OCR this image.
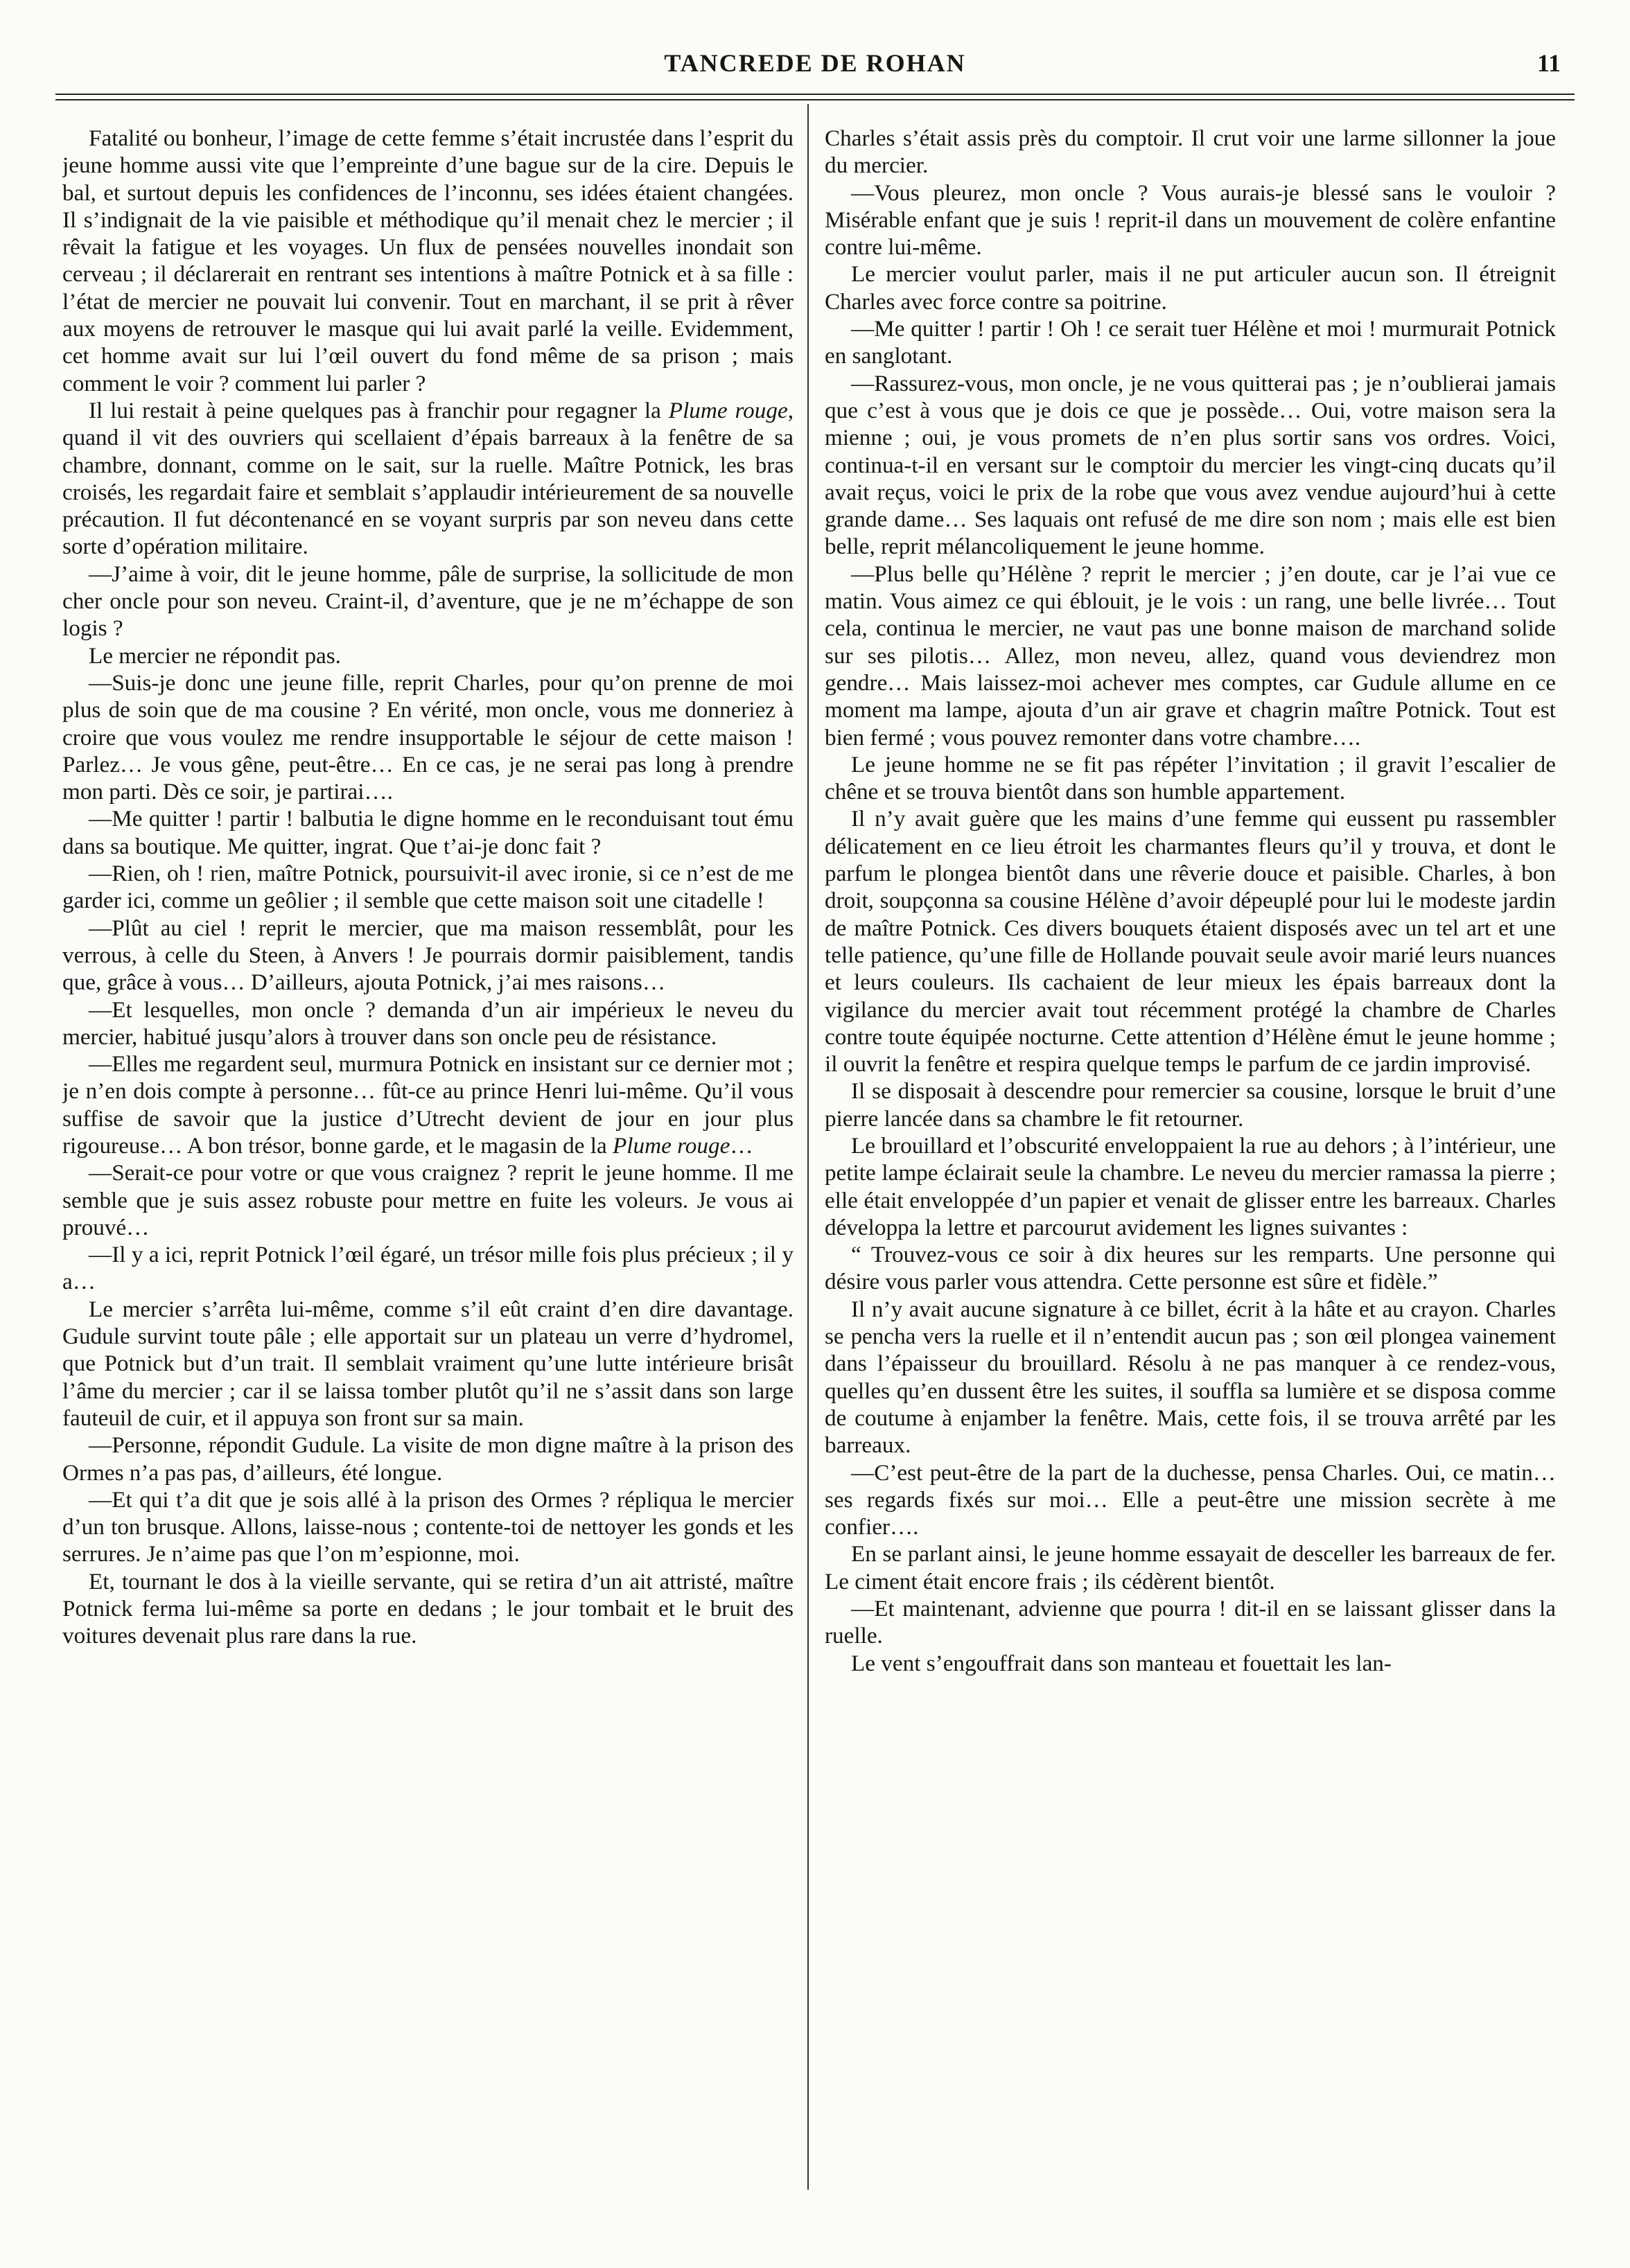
TANCREDE DE ROHAN	11

Fatalité ou bonheur, l’image de cette femme s’était incrustée dans l’esprit du jeune homme aussi vite que l’empreinte d’une bague sur de la cire. Depuis le bal, et surtout depuis les confidences de l’inconnu, ses idées étaient changées. Il s’indignait de la vie paisible et méthodique qu’il menait chez le mercier ; il rêvait la fatigue et les voyages. Un flux de pensées nouvelles inondait son cerveau ; il déclarerait en rentrant ses intentions à maître Potnick et à sa fille : l’état de mercier ne pouvait lui convenir. Tout en marchant, il se prit à rêver aux moyens de retrouver le masque qui lui avait parlé la veille. Evidemment, cet homme avait sur lui l’œil ouvert du fond même de sa prison ; mais comment le voir ? comment lui parler ?

Il lui restait à peine quelques pas à franchir pour regagner la Plume rouge, quand il vit des ouvriers qui scellaient d’épais barreaux à la fenêtre de sa chambre, donnant, comme on le sait, sur la ruelle. Maître Potnick, les bras croisés, les regardait faire et semblait s’applaudir intérieurement de sa nouvelle précaution. Il fut décontenancé en se voyant surpris par son neveu dans cette sorte d’opération militaire.

—J’aime à voir, dit le jeune homme, pâle de surprise, la sollicitude de mon cher oncle pour son neveu. Craint-il, d’aventure, que je ne m’échappe de son logis ?

Le mercier ne répondit pas.

—Suis-je donc une jeune fille, reprit Charles, pour qu’on prenne de moi plus de soin que de ma cousine ? En vérité, mon oncle, vous me donneriez à croire que vous voulez me rendre insupportable le séjour de cette maison ! Parlez… Je vous gêne, peut-être… En ce cas, je ne serai pas long à prendre mon parti. Dès ce soir, je partirai….

—Me quitter ! partir ! balbutia le digne homme en le reconduisant tout ému dans sa boutique. Me quitter, ingrat. Que t’ai-je donc fait ?

—Rien, oh ! rien, maître Potnick, poursuivit-il avec ironie, si ce n’est de me garder ici, comme un geôlier ; il semble que cette maison soit une citadelle !

—Plût au ciel ! reprit le mercier, que ma maison ressemblât, pour les verrous, à celle du Steen, à Anvers ! Je pourrais dormir paisiblement, tandis que, grâce à vous… D’ailleurs, ajouta Potnick, j’ai mes raisons…

—Et lesquelles, mon oncle ? demanda d’un air impérieux le neveu du mercier, habitué jusqu’alors à trouver dans son oncle peu de résistance.

—Elles me regardent seul, murmura Potnick en insistant sur ce dernier mot ; je n’en dois compte à personne… fût-ce au prince Henri lui-même. Qu’il vous suffise de savoir que la justice d’Utrecht devient de jour en jour plus rigoureuse… A bon trésor, bonne garde, et le magasin de la Plume rouge…

—Serait-ce pour votre or que vous craignez ? reprit le jeune homme. Il me semble que je suis assez robuste pour mettre en fuite les voleurs. Je vous ai prouvé…

—Il y a ici, reprit Potnick l’œil égaré, un trésor mille fois plus précieux ; il y a…

Le mercier s’arrêta lui-même, comme s’il eût craint d’en dire davantage. Gudule survint toute pâle ; elle apportait sur un plateau un verre d’hydromel, que Potnick but d’un trait. Il semblait vraiment qu’une lutte intérieure brisât l’âme du mercier ; car il se laissa tomber plutôt qu’il ne s’assit dans son large fauteuil de cuir, et il appuya son front sur sa main.

—Personne, répondit Gudule. La visite de mon digne maître à la prison des Ormes n’a pas pas, d’ailleurs, été longue.

—Et qui t’a dit que je sois allé à la prison des Ormes ? répliqua le mercier d’un ton brusque. Allons, laisse-nous ; contente-toi de nettoyer les gonds et les serrures. Je n’aime pas que l’on m’espionne, moi.

Et, tournant le dos à la vieille servante, qui se retira d’un ait attristé, maître Potnick ferma lui-même sa porte en dedans ; le jour tombait et le bruit des voitures devenait plus rare dans la rue.

Charles s’était assis près du comptoir. Il crut voir une larme sillonner la joue du mercier.

—Vous pleurez, mon oncle ? Vous aurais-je blessé sans le vouloir ? Misérable enfant que je suis ! reprit-il dans un mouvement de colère enfantine contre lui-même.

Le mercier voulut parler, mais il ne put articuler aucun son. Il étreignit Charles avec force contre sa poitrine.

—Me quitter ! partir ! Oh ! ce serait tuer Hélène et moi ! murmurait Potnick en sanglotant.

—Rassurez-vous, mon oncle, je ne vous quitterai pas ; je n’oublierai jamais que c’est à vous que je dois ce que je possède… Oui, votre maison sera la mienne ; oui, je vous promets de n’en plus sortir sans vos ordres. Voici, continua-t-il en versant sur le comptoir du mercier les vingt-cinq ducats qu’il avait reçus, voici le prix de la robe que vous avez vendue aujourd’hui à cette grande dame… Ses laquais ont refusé de me dire son nom ; mais elle est bien belle, reprit mélancoliquement le jeune homme.

—Plus belle qu’Hélène ? reprit le mercier ; j’en doute, car je l’ai vue ce matin. Vous aimez ce qui éblouit, je le vois : un rang, une belle livrée… Tout cela, continua le mercier, ne vaut pas une bonne maison de marchand solide sur ses pilotis… Allez, mon neveu, allez, quand vous deviendrez mon gendre… Mais laissez-moi achever mes comptes, car Gudule allume en ce moment ma lampe, ajouta d’un air grave et chagrin maître Potnick. Tout est bien fermé ; vous pouvez remonter dans votre chambre….

Le jeune homme ne se fit pas répéter l’invitation ; il gravit l’escalier de chêne et se trouva bientôt dans son humble appartement.

Il n’y avait guère que les mains d’une femme qui eussent pu rassembler délicatement en ce lieu étroit les charmantes fleurs qu’il y trouva, et dont le parfum le plongea bientôt dans une rêverie douce et paisible. Charles, à bon droit, soupçonna sa cousine Hélène d’avoir dépeuplé pour lui le modeste jardin de maître Potnick. Ces divers bouquets étaient disposés avec un tel art et une telle patience, qu’une fille de Hollande pouvait seule avoir marié leurs nuances et leurs couleurs. Ils cachaient de leur mieux les épais barreaux dont la vigilance du mercier avait tout récemment protégé la chambre de Charles contre toute équipée nocturne. Cette attention d’Hélène émut le jeune homme ; il ouvrit la fenêtre et respira quelque temps le parfum de ce jardin improvisé.

Il se disposait à descendre pour remercier sa cousine, lorsque le bruit d’une pierre lancée dans sa chambre le fit retourner.

Le brouillard et l’obscurité enveloppaient la rue au dehors ; à l’intérieur, une petite lampe éclairait seule la chambre. Le neveu du mercier ramassa la pierre ; elle était enveloppée d’un papier et venait de glisser entre les barreaux. Charles développa la lettre et parcourut avidement les lignes suivantes :

“ Trouvez-vous ce soir à dix heures sur les remparts. Une personne qui désire vous parler vous attendra. Cette personne est sûre et fidèle.”

Il n’y avait aucune signature à ce billet, écrit à la hâte et au crayon. Charles se pencha vers la ruelle et il n’entendit aucun pas ; son œil plongea vainement dans l’épaisseur du brouillard. Résolu à ne pas manquer à ce rendez-vous, quelles qu’en dussent être les suites, il souffla sa lumière et se disposa comme de coutume à enjamber la fenêtre. Mais, cette fois, il se trouva arrêté par les barreaux.

—C’est peut-être de la part de la duchesse, pensa Charles. Oui, ce matin… ses regards fixés sur moi… Elle a peut-être une mission secrète à me confier….

En se parlant ainsi, le jeune homme essayait de desceller les barreaux de fer. Le ciment était encore frais ; ils cédèrent bientôt.

—Et maintenant, advienne que pourra ! dit-il en se laissant glisser dans la ruelle.

Le vent s’engouffrait dans son manteau et fouettait les lan-
